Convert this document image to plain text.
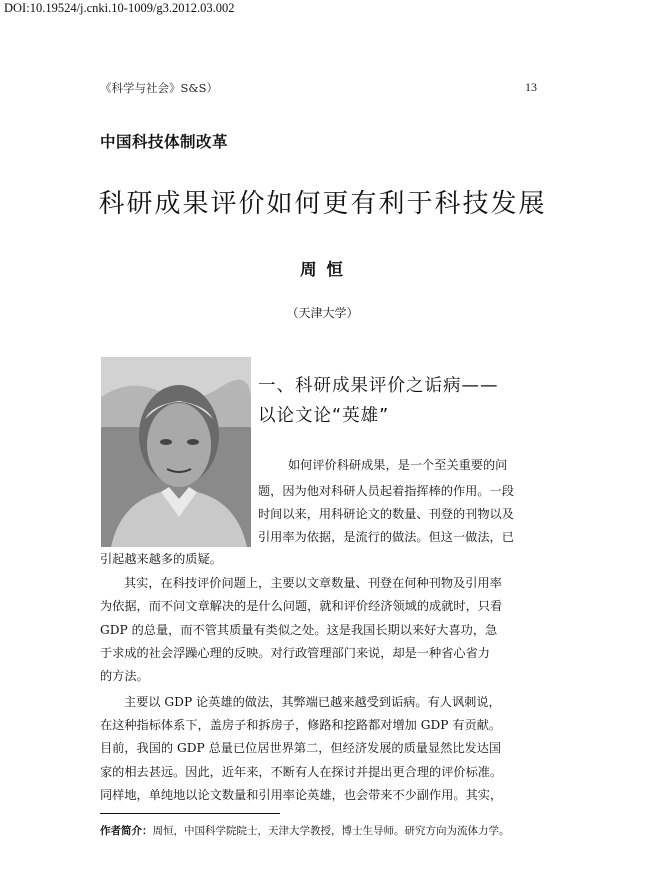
DOI:10.19524/j.cnki.10-1009/g3.2012.03.002
《科学与社会》S&S）	13
中国科技体制改革
科研成果评价如何更有利于科技发展
周 恒
（天津大学）
一、科研成果评价之诟病——
以论文论“英雄”
如何评价科研成果，是一个至关重要的问
题，因为他对科研人员起着指挥棒的作用。一段
时间以来，用科研论文的数量、刊登的刊物以及
引用率为依据，是流行的做法。但这一做法，已
引起越来越多的质疑。
其实，在科技评价问题上，主要以文章数量、刊登在何种刊物及引用率
为依据，而不问文章解决的是什么问题，就和评价经济领域的成就时，只看
GDP 的总量，而不管其质量有类似之处。这是我国长期以来好大喜功，急
于求成的社会浮躁心理的反映。对行政管理部门来说，却是一种省心省力
的方法。
主要以 GDP 论英雄的做法，其弊端已越来越受到诟病。有人讽刺说，
在这种指标体系下，盖房子和拆房子，修路和挖路都对增加 GDP 有贡献。
目前，我国的 GDP 总量已位居世界第二，但经济发展的质量显然比发达国
家的相去甚远。因此，近年来，不断有人在探讨并提出更合理的评价标准。
同样地，单纯地以论文数量和引用率论英雄，也会带来不少副作用。其实，
作者简介：周恒，中国科学院院士，天津大学教授，博士生导师。研究方向为流体力学。
